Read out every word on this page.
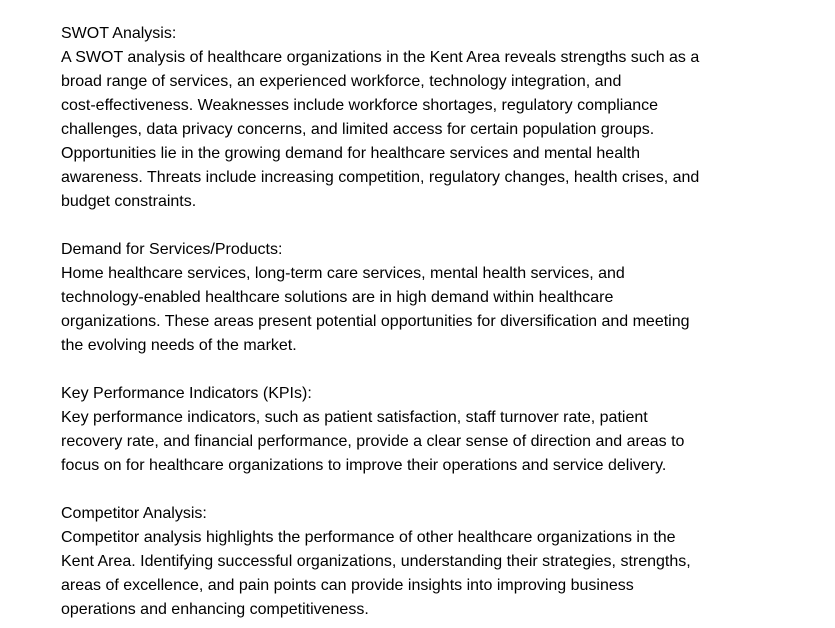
SWOT Analysis:
A SWOT analysis of healthcare organizations in the Kent Area reveals strengths such as a
broad range of services, an experienced workforce, technology integration, and
cost-effectiveness. Weaknesses include workforce shortages, regulatory compliance
challenges, data privacy concerns, and limited access for certain population groups.
Opportunities lie in the growing demand for healthcare services and mental health
awareness. Threats include increasing competition, regulatory changes, health crises, and
budget constraints.
Demand for Services/Products:
Home healthcare services, long-term care services, mental health services, and
technology-enabled healthcare solutions are in high demand within healthcare
organizations. These areas present potential opportunities for diversification and meeting
the evolving needs of the market.
Key Performance Indicators (KPIs):
Key performance indicators, such as patient satisfaction, staff turnover rate, patient
recovery rate, and financial performance, provide a clear sense of direction and areas to
focus on for healthcare organizations to improve their operations and service delivery.
Competitor Analysis:
Competitor analysis highlights the performance of other healthcare organizations in the
Kent Area. Identifying successful organizations, understanding their strategies, strengths,
areas of excellence, and pain points can provide insights into improving business
operations and enhancing competitiveness.
